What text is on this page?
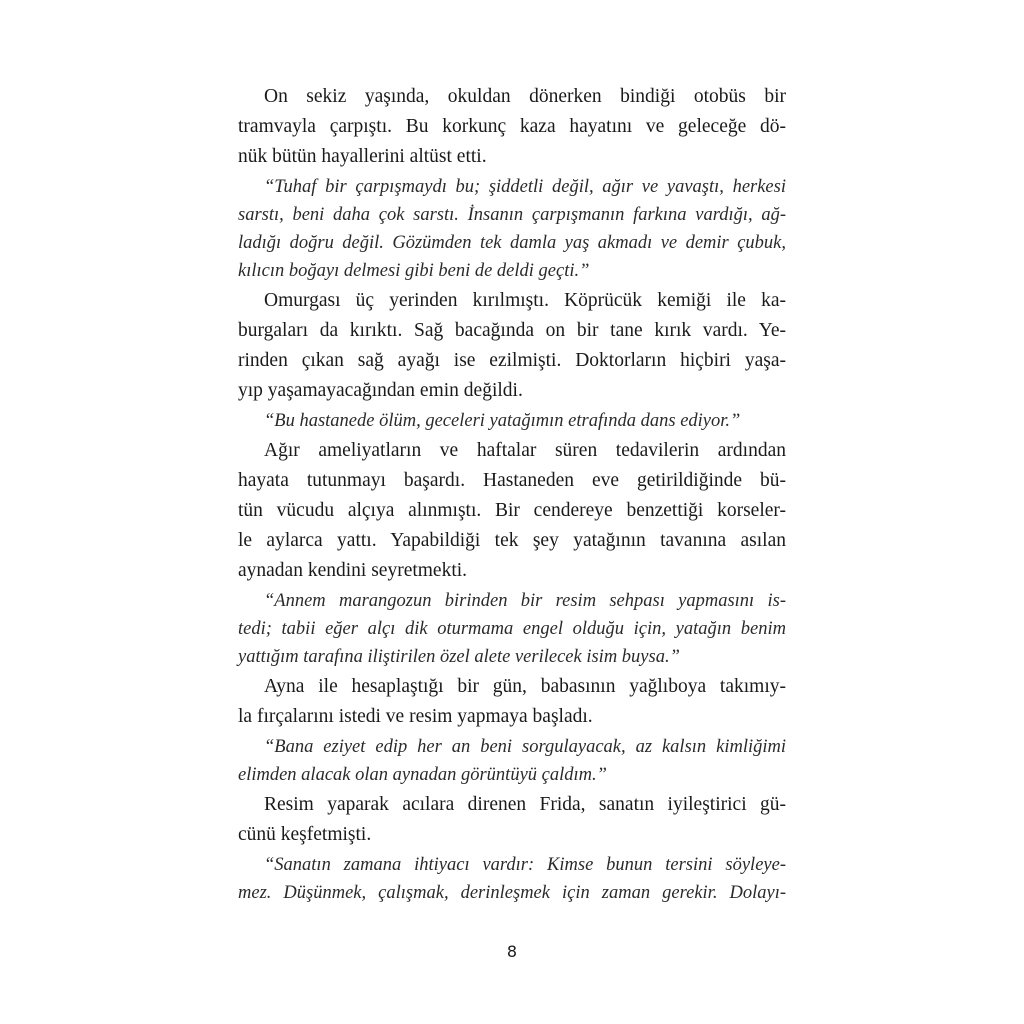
On sekiz yaşında, okuldan dönerken bindiği otobüs bir
tramvayla çarpıştı. Bu korkunç kaza hayatını ve geleceğe dö-
nük bütün hayallerini altüst etti.
“Tuhaf bir çarpışmaydı bu; şiddetli değil, ağır ve yavaştı, herkesi
sarstı, beni daha çok sarstı. İnsanın çarpışmanın farkına vardığı, ağ-
ladığı doğru değil. Gözümden tek damla yaş akmadı ve demir çubuk,
kılıcın boğayı delmesi gibi beni de deldi geçti.”
Omurgası üç yerinden kırılmıştı. Köprücük kemiği ile ka-
burgaları da kırıktı. Sağ bacağında on bir tane kırık vardı. Ye-
rinden çıkan sağ ayağı ise ezilmişti. Doktorların hiçbiri yaşa-
yıp yaşamayacağından emin değildi.
“Bu hastanede ölüm, geceleri yatağımın etrafında dans ediyor.”
Ağır ameliyatların ve haftalar süren tedavilerin ardından
hayata tutunmayı başardı. Hastaneden eve getirildiğinde bü-
tün vücudu alçıya alınmıştı. Bir cendereye benzettiği korseler-
le aylarca yattı. Yapabildiği tek şey yatağının tavanına asılan
aynadan kendini seyretmekti.
“Annem marangozun birinden bir resim sehpası yapmasını is-
tedi; tabii eğer alçı dik oturmama engel olduğu için, yatağın benim
yattığım tarafına iliştirilen özel alete verilecek isim buysa.”
Ayna ile hesaplaştığı bir gün, babasının yağlıboya takımıy-
la fırçalarını istedi ve resim yapmaya başladı.
“Bana eziyet edip her an beni sorgulayacak, az kalsın kimliğimi
elimden alacak olan aynadan görüntüyü çaldım.”
Resim yaparak acılara direnen Frida, sanatın iyileştirici gü-
cünü keşfetmişti.
“Sanatın zamana ihtiyacı vardır: Kimse bunun tersini söyleye-
mez. Düşünmek, çalışmak, derinleşmek için zaman gerekir. Dolayı-
8
